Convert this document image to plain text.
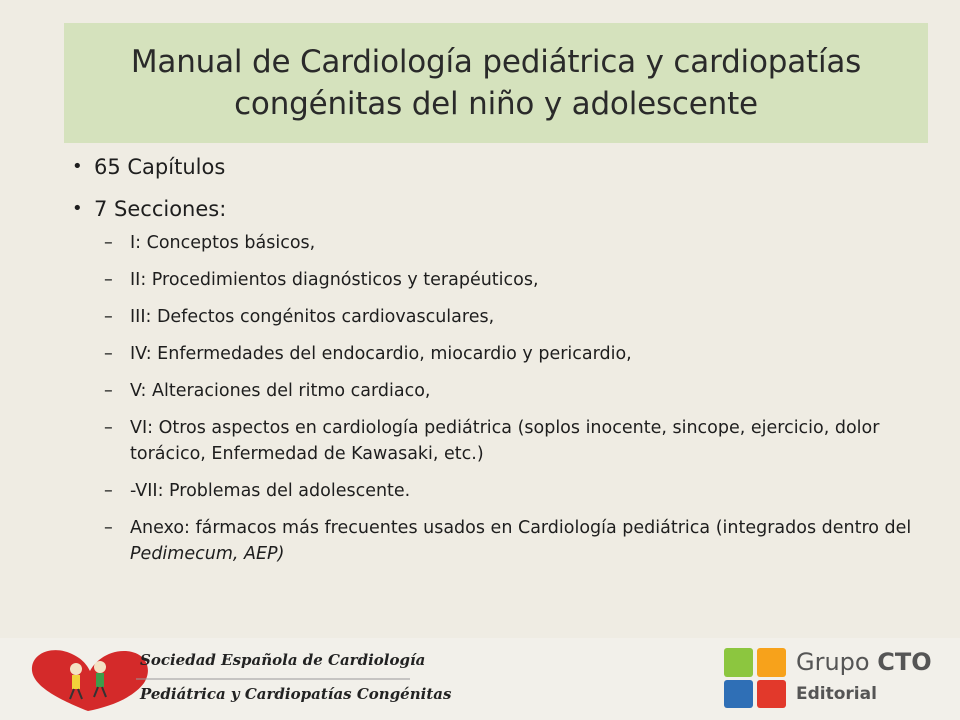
Manual de Cardiología pediátrica y cardiopatías congénitas del niño y adolescente
• 65 Capítulos
• 7 Secciones:
– I: Conceptos básicos,
– II: Procedimientos diagnósticos y terapéuticos,
– III: Defectos congénitos cardiovasculares,
– IV: Enfermedades del endocardio, miocardio y pericardio,
– V: Alteraciones del ritmo cardiaco,
– VI: Otros aspectos en cardiología pediátrica (soplos inocente, sincope, ejercicio, dolor torácico, Enfermedad de Kawasaki, etc.)
– -VII: Problemas del adolescente.
– Anexo: fármacos más frecuentes usados en Cardiología pediátrica (integrados dentro del Pedimecum, AEP)
Sociedad Española de Cardiología
Pediátrica y Cardiopatías Congénitas
Grupo CTO
Editorial
